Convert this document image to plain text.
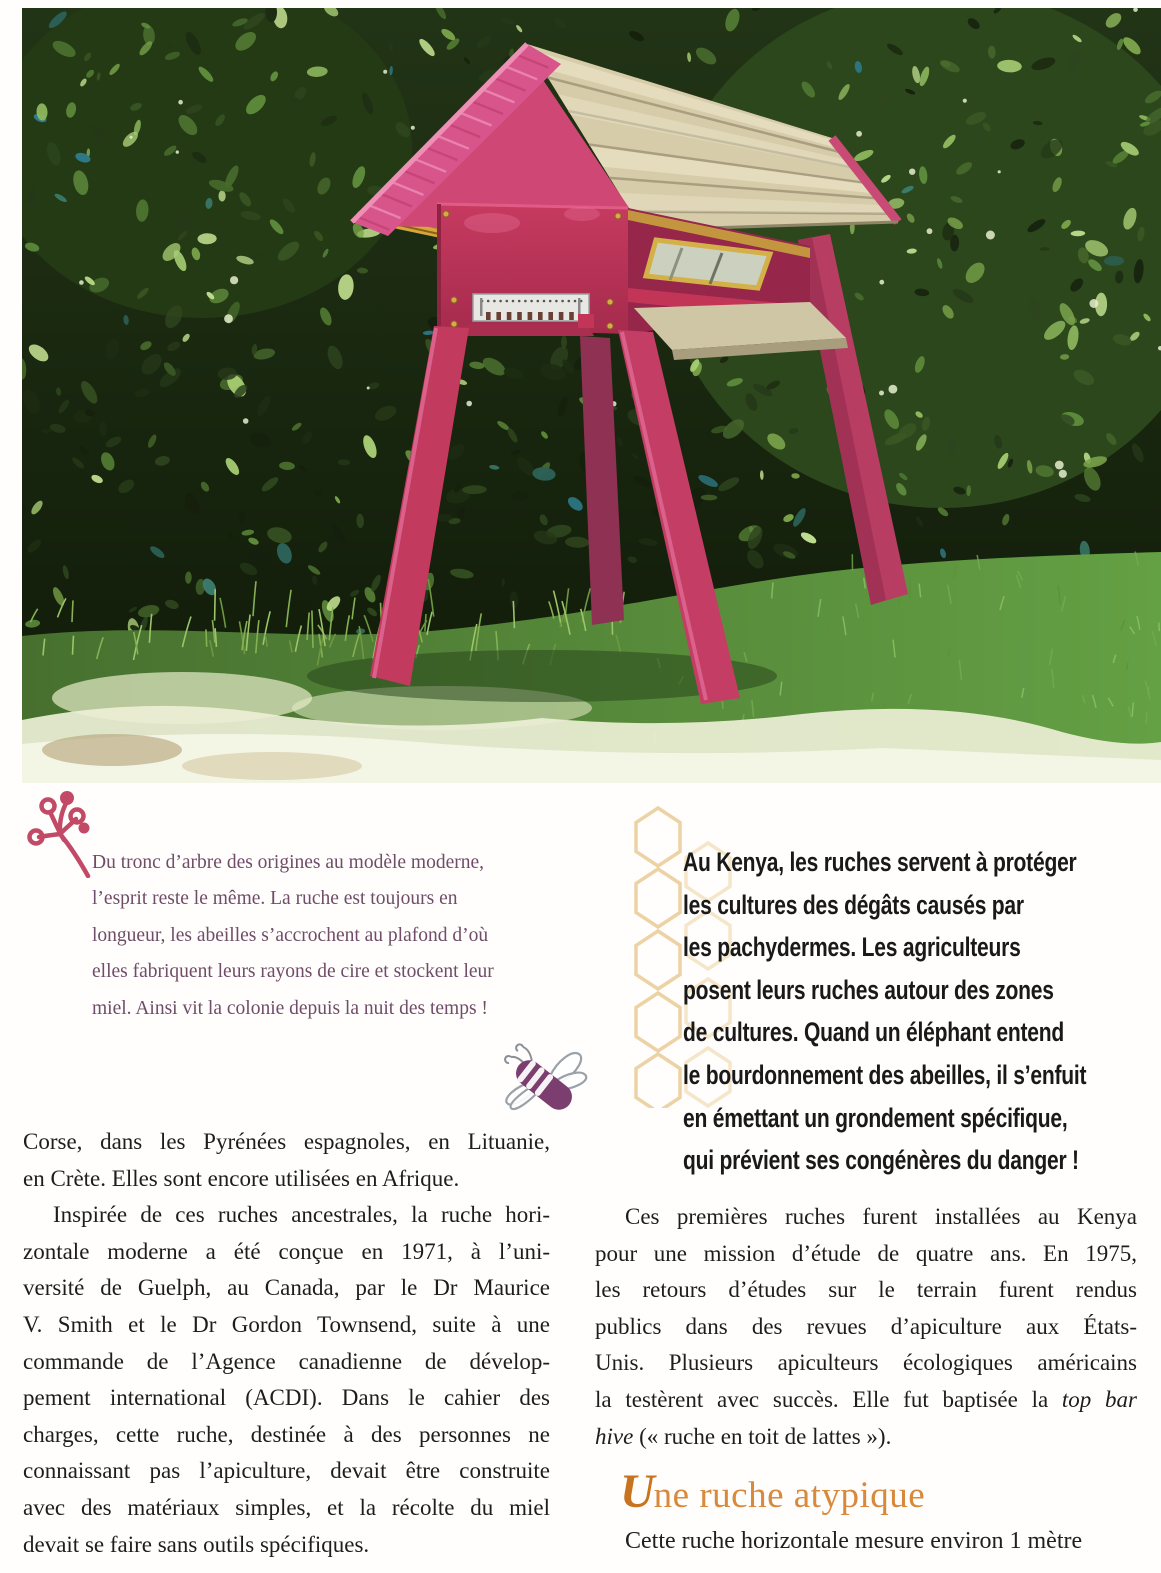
Du tronc d’arbre des origines au modèle moderne,
l’esprit reste le même. La ruche est toujours en
longueur, les abeilles s’accrochent au plafond d’où
elles fabriquent leurs rayons de cire et stockent leur
miel. Ainsi vit la colonie depuis la nuit des temps !
Au Kenya, les ruches servent à protéger
les cultures des dégâts causés par
les pachydermes. Les agriculteurs
posent leurs ruches autour des zones
de cultures. Quand un éléphant entend
le bourdonnement des abeilles, il s’enfuit
en émettant un grondement spécifique,
qui prévient ses congénères du danger !
Corse, dans les Pyrénées espagnoles, en Lituanie,
en Crète. Elles sont encore utilisées en Afrique.
Inspirée de ces ruches ancestrales, la ruche hori-
zontale moderne a été conçue en 1971, à l’uni-
versité de Guelph, au Canada, par le Dr Maurice
V. Smith et le Dr Gordon Townsend, suite à une
commande de l’Agence canadienne de dévelop-
pement international (ACDI). Dans le cahier des
charges, cette ruche, destinée à des personnes ne
connaissant pas l’apiculture, devait être construite
avec des matériaux simples, et la récolte du miel
devait se faire sans outils spécifiques.
Ces premières ruches furent installées au Kenya
pour une mission d’étude de quatre ans. En 1975,
les retours d’études sur le terrain furent rendus
publics dans des revues d’apiculture aux États-
Unis. Plusieurs apiculteurs écologiques américains
la testèrent avec succès. Elle fut baptisée la top bar
hive (« ruche en toit de lattes »).
Une ruche atypique
Cette ruche horizontale mesure environ 1 mètre
